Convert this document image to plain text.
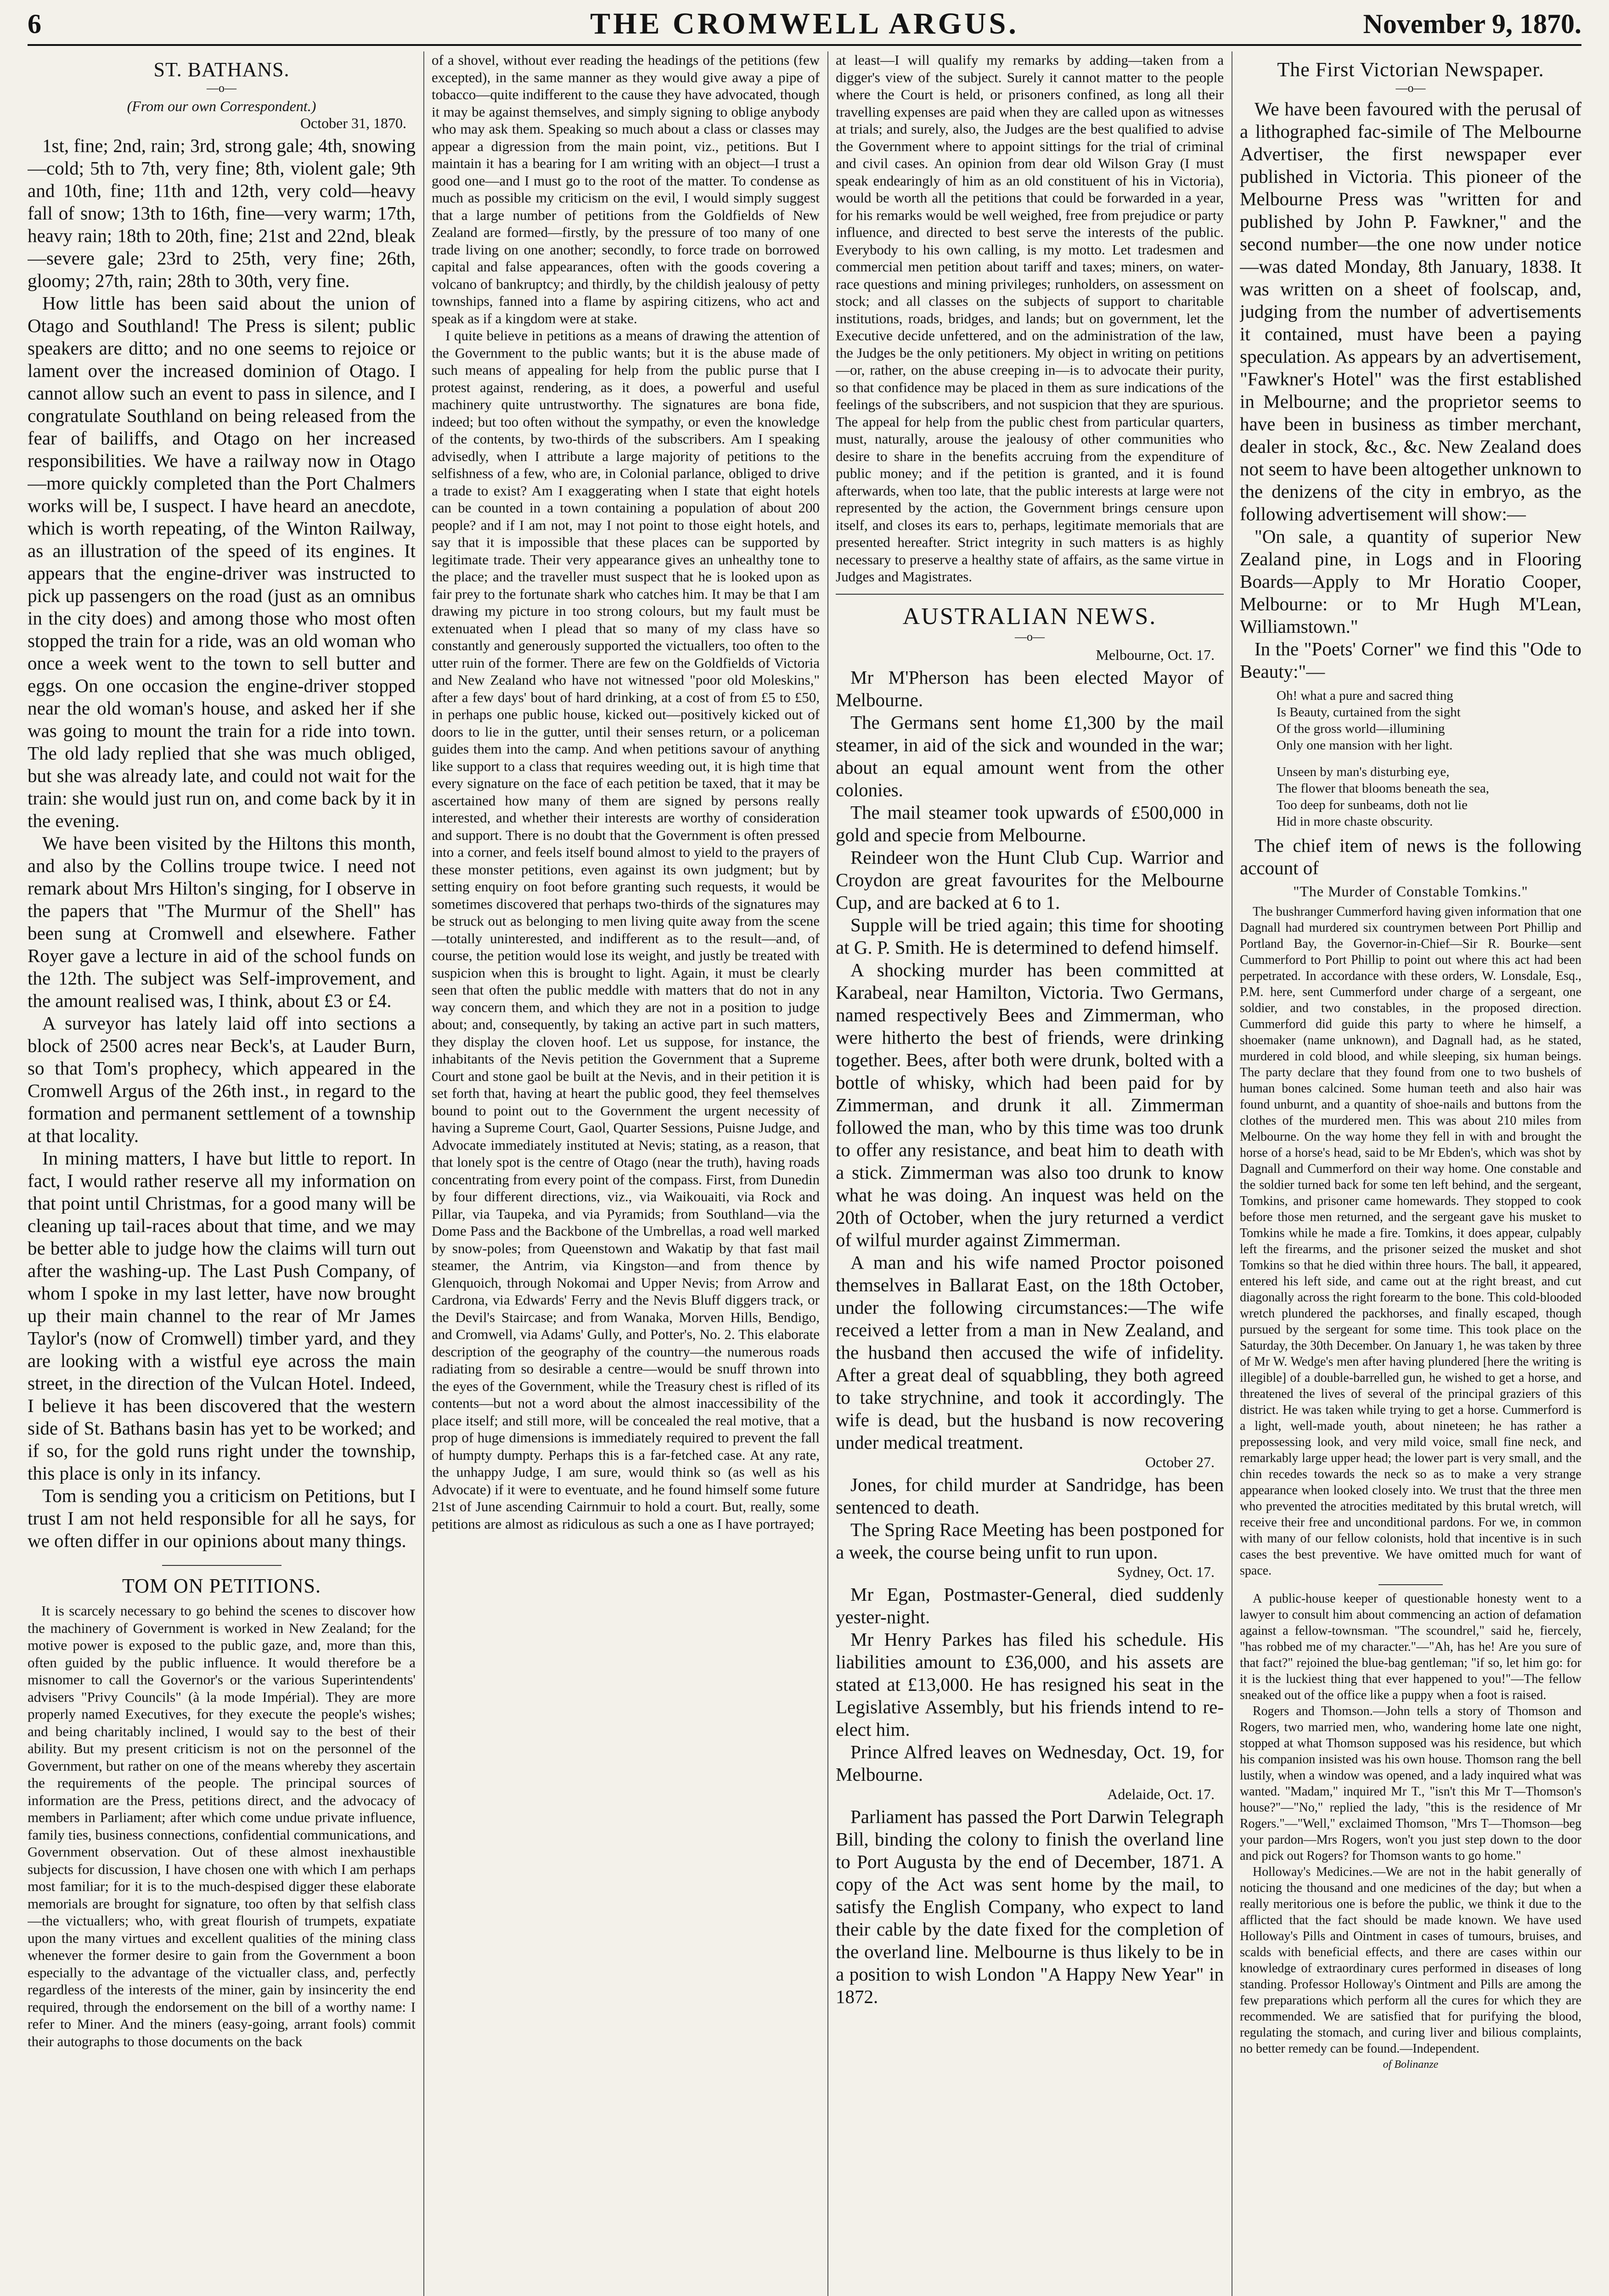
6	THE CROMWELL ARGUS.	November 9, 1870.
ST. BATHANS.
—o—
(From our own Correspondent.)
October 31, 1870.

1st, fine; 2nd, rain; 3rd, strong gale; 4th, snowing—cold; 5th to 7th, very fine; 8th, violent gale; 9th and 10th, fine; 11th and 12th, very cold—heavy fall of snow; 13th to 16th, fine—very warm; 17th, heavy rain; 18th to 20th, fine; 21st and 22nd, bleak—severe gale; 23rd to 25th, very fine; 26th, gloomy; 27th, rain; 28th to 30th, very fine.

How little has been said about the union of Otago and Southland! The Press is silent; public speakers are ditto; and no one seems to rejoice or lament over the increased dominion of Otago. I cannot allow such an event to pass in silence, and I congratulate Southland on being released from the fear of bailiffs, and Otago on her increased responsibilities. We have a railway now in Otago—more quickly completed than the Port Chalmers works will be, I suspect. I have heard an anecdote, which is worth repeating, of the Winton Railway, as an illustration of the speed of its engines. It appears that the engine-driver was instructed to pick up passengers on the road (just as an omnibus in the city does) and among those who most often stopped the train for a ride, was an old woman who once a week went to the town to sell butter and eggs. On one occasion the engine-driver stopped near the old woman's house, and asked her if she was going to mount the train for a ride into town. The old lady replied that she was much obliged, but she was already late, and could not wait for the train: she would just run on, and come back by it in the evening.

We have been visited by the Hiltons this month, and also by the Collins troupe twice. I need not remark about Mrs Hilton's singing, for I observe in the papers that "The Murmur of the Shell" has been sung at Cromwell and elsewhere. Father Royer gave a lecture in aid of the school funds on the 12th. The subject was Self-improvement, and the amount realised was, I think, about £3 or £4.

A surveyor has lately laid off into sections a block of 2500 acres near Beck's, at Lauder Burn, so that Tom's prophecy, which appeared in the Cromwell Argus of the 26th inst., in regard to the formation and permanent settlement of a township at that locality.

In mining matters, I have but little to report. In fact, I would rather reserve all my information on that point until Christmas, for a good many will be cleaning up tail-races about that time, and we may be better able to judge how the claims will turn out after the washing-up. The Last Push Company, of whom I spoke in my last letter, have now brought up their main channel to the rear of Mr James Taylor's (now of Cromwell) timber yard, and they are looking with a wistful eye across the main street, in the direction of the Vulcan Hotel. Indeed, I believe it has been discovered that the western side of St. Bathans basin has yet to be worked; and if so, for the gold runs right under the township, this place is only in its infancy.

Tom is sending you a criticism on Petitions, but I trust I am not held responsible for all he says, for we often differ in our opinions about many things.

TOM ON PETITIONS.

It is scarcely necessary to go behind the scenes to discover how the machinery of Government is worked in New Zealand; for the motive power is exposed to the public gaze, and, more than this, often guided by the public influence. It would therefore be a misnomer to call the Governor's or the various Superintendents' advisers "Privy Councils" (à la mode Impérial). They are more properly named Executives, for they execute the people's wishes; and being charitably inclined, I would say to the best of their ability. But my present criticism is not on the personnel of the Government, but rather on one of the means whereby they ascertain the requirements of the people. The principal sources of information are the Press, petitions direct, and the advocacy of members in Parliament; after which come undue private influence, family ties, business connections, confidential communications, and Government observation. Out of these almost inexhaustible subjects for discussion, I have chosen one with which I am perhaps most familiar; for it is to the much-despised digger these elaborate memorials are brought for signature, too often by that selfish class—the victuallers; who, with great flourish of trumpets, expatiate upon the many virtues and excellent qualities of the mining class whenever the former desire to gain from the Government a boon especially to the advantage of the victualler class, and, perfectly regardless of the interests of the miner, gain by insincerity the end required, through the endorsement on the bill of a worthy name: I refer to Miner. And the miners (easy-going, arrant fools) commit their autographs to those documents on the back

of a shovel, without ever reading the headings of the petitions (few excepted), in the same manner as they would give away a pipe of tobacco—quite indifferent to the cause they have advocated, though it may be against themselves, and simply signing to oblige anybody who may ask them. Speaking so much about a class or classes may appear a digression from the main point, viz., petitions. But I maintain it has a bearing for I am writing with an object—I trust a good one—and I must go to the root of the matter. To condense as much as possible my criticism on the evil, I would simply suggest that a large number of petitions from the Goldfields of New Zealand are formed—firstly, by the pressure of too many of one trade living on one another; secondly, to force trade on borrowed capital and false appearances, often with the goods covering a volcano of bankruptcy; and thirdly, by the childish jealousy of petty townships, fanned into a flame by aspiring citizens, who act and speak as if a kingdom were at stake.

I quite believe in petitions as a means of drawing the attention of the Government to the public wants; but it is the abuse made of such means of appealing for help from the public purse that I protest against, rendering, as it does, a powerful and useful machinery quite untrustworthy. The signatures are bona fide, indeed; but too often without the sympathy, or even the knowledge of the contents, by two-thirds of the subscribers. Am I speaking advisedly, when I attribute a large majority of petitions to the selfishness of a few, who are, in Colonial parlance, obliged to drive a trade to exist? Am I exaggerating when I state that eight hotels can be counted in a town containing a population of about 200 people? and if I am not, may I not point to those eight hotels, and say that it is impossible that these places can be supported by legitimate trade. Their very appearance gives an unhealthy tone to the place; and the traveller must suspect that he is looked upon as fair prey to the fortunate shark who catches him. It may be that I am drawing my picture in too strong colours, but my fault must be extenuated when I plead that so many of my class have so constantly and generously supported the victuallers, too often to the utter ruin of the former. There are few on the Goldfields of Victoria and New Zealand who have not witnessed "poor old Moleskins," after a few days' bout of hard drinking, at a cost of from £5 to £50, in perhaps one public house, kicked out—positively kicked out of doors to lie in the gutter, until their senses return, or a policeman guides them into the camp. And when petitions savour of anything like support to a class that requires weeding out, it is high time that every signature on the face of each petition be taxed, that it may be ascertained how many of them are signed by persons really interested, and whether their interests are worthy of consideration and support. There is no doubt that the Government is often pressed into a corner, and feels itself bound almost to yield to the prayers of these monster petitions, even against its own judgment; but by setting enquiry on foot before granting such requests, it would be sometimes discovered that perhaps two-thirds of the signatures may be struck out as belonging to men living quite away from the scene—totally uninterested, and indifferent as to the result—and, of course, the petition would lose its weight, and justly be treated with suspicion when this is brought to light. Again, it must be clearly seen that often the public meddle with matters that do not in any way concern them, and which they are not in a position to judge about; and, consequently, by taking an active part in such matters, they display the cloven hoof. Let us suppose, for instance, the inhabitants of the Nevis petition the Government that a Supreme Court and stone gaol be built at the Nevis, and in their petition it is set forth that, having at heart the public good, they feel themselves bound to point out to the Government the urgent necessity of having a Supreme Court, Gaol, Quarter Sessions, Puisne Judge, and Advocate immediately instituted at Nevis; stating, as a reason, that that lonely spot is the centre of Otago (near the truth), having roads concentrating from every point of the compass. First, from Dunedin by four different directions, viz., via Waikouaiti, via Rock and Pillar, via Taupeka, and via Pyramids; from Southland—via the Dome Pass and the Backbone of the Umbrellas, a road well marked by snow-poles; from Queenstown and Wakatip by that fast mail steamer, the Antrim, via Kingston—and from thence by Glenquoich, through Nokomai and Upper Nevis; from Arrow and Cardrona, via Edwards' Ferry and the Nevis Bluff diggers track, or the Devil's Staircase; and from Wanaka, Morven Hills, Bendigo, and Cromwell, via Adams' Gully, and Potter's, No. 2. This elaborate description of the geography of the country—the numerous roads radiating from so desirable a centre—would be snuff thrown into the eyes of the Government, while the Treasury chest is rifled of its contents—but not a word about the almost inaccessibility of the place itself; and still more, will be concealed the real motive, that a prop of huge dimensions is immediately required to prevent the fall of humpty dumpty. Perhaps this is a far-fetched case. At any rate, the unhappy Judge, I am sure, would think so (as well as his Advocate) if it were to eventuate, and he found himself some future 21st of June ascending Cairnmuir to hold a court. But, really, some petitions are almost as ridiculous as such a one as I have portrayed;

at least—I will qualify my remarks by adding—taken from a digger's view of the subject. Surely it cannot matter to the people where the Court is held, or prisoners confined, as long all their travelling expenses are paid when they are called upon as witnesses at trials; and surely, also, the Judges are the best qualified to advise the Government where to appoint sittings for the trial of criminal and civil cases. An opinion from dear old Wilson Gray (I must speak endearingly of him as an old constituent of his in Victoria), would be worth all the petitions that could be forwarded in a year, for his remarks would be well weighed, free from prejudice or party influence, and directed to best serve the interests of the public. Everybody to his own calling, is my motto. Let tradesmen and commercial men petition about tariff and taxes; miners, on water-race questions and mining privileges; runholders, on assessment on stock; and all classes on the subjects of support to charitable institutions, roads, bridges, and lands; but on government, let the Executive decide unfettered, and on the administration of the law, the Judges be the only petitioners. My object in writing on petitions—or, rather, on the abuse creeping in—is to advocate their purity, so that confidence may be placed in them as sure indications of the feelings of the subscribers, and not suspicion that they are spurious. The appeal for help from the public chest from particular quarters, must, naturally, arouse the jealousy of other communities who desire to share in the benefits accruing from the expenditure of public money; and if the petition is granted, and it is found afterwards, when too late, that the public interests at large were not represented by the action, the Government brings censure upon itself, and closes its ears to, perhaps, legitimate memorials that are presented hereafter. Strict integrity in such matters is as highly necessary to preserve a healthy state of affairs, as the same virtue in Judges and Magistrates.

AUSTRALIAN NEWS.
—o—
Melbourne, Oct. 17.

Mr M'Pherson has been elected Mayor of Melbourne.

The Germans sent home £1,300 by the mail steamer, in aid of the sick and wounded in the war; about an equal amount went from the other colonies.

The mail steamer took upwards of £500,000 in gold and specie from Melbourne.

Reindeer won the Hunt Club Cup. Warrior and Croydon are great favourites for the Melbourne Cup, and are backed at 6 to 1.

Supple will be tried again; this time for shooting at G. P. Smith. He is determined to defend himself.

A shocking murder has been committed at Karabeal, near Hamilton, Victoria. Two Germans, named respectively Bees and Zimmerman, who were hitherto the best of friends, were drinking together. Bees, after both were drunk, bolted with a bottle of whisky, which had been paid for by Zimmerman, and drunk it all. Zimmerman followed the man, who by this time was too drunk to offer any resistance, and beat him to death with a stick. Zimmerman was also too drunk to know what he was doing. An inquest was held on the 20th of October, when the jury returned a verdict of wilful murder against Zimmerman.

A man and his wife named Proctor poisoned themselves in Ballarat East, on the 18th October, under the following circumstances:—The wife received a letter from a man in New Zealand, and the husband then accused the wife of infidelity. After a great deal of squabbling, they both agreed to take strychnine, and took it accordingly. The wife is dead, but the husband is now recovering under medical treatment.

October 27.

Jones, for child murder at Sandridge, has been sentenced to death.

The Spring Race Meeting has been postponed for a week, the course being unfit to run upon.

Sydney, Oct. 17.

Mr Egan, Postmaster-General, died suddenly yester-night.

Mr Henry Parkes has filed his schedule. His liabilities amount to £36,000, and his assets are stated at £13,000. He has resigned his seat in the Legislative Assembly, but his friends intend to re-elect him.

Prince Alfred leaves on Wednesday, Oct. 19, for Melbourne.

Adelaide, Oct. 17.

Parliament has passed the Port Darwin Telegraph Bill, binding the colony to finish the overland line to Port Augusta by the end of December, 1871. A copy of the Act was sent home by the mail, to satisfy the English Company, who expect to land their cable by the date fixed for the completion of the overland line. Melbourne is thus likely to be in a position to wish London "A Happy New Year" in 1872.

The First Victorian Newspaper.
—o—

We have been favoured with the perusal of a lithographed fac-simile of The Melbourne Advertiser, the first newspaper ever published in Victoria. This pioneer of the Melbourne Press was "written for and published by John P. Fawkner," and the second number—the one now under notice—was dated Monday, 8th January, 1838. It was written on a sheet of foolscap, and, judging from the number of advertisements it contained, must have been a paying speculation. As appears by an advertisement, "Fawkner's Hotel" was the first established in Melbourne; and the proprietor seems to have been in business as timber merchant, dealer in stock, &c., &c. New Zealand does not seem to have been altogether unknown to the denizens of the city in embryo, as the following advertisement will show:—

"On sale, a quantity of superior New Zealand pine, in Logs and in Flooring Boards—Apply to Mr Horatio Cooper, Melbourne: or to Mr Hugh M'Lean, Williamstown."

In the "Poets' Corner" we find this "Ode to Beauty:"—

Oh! what a pure and sacred thing
Is Beauty, curtained from the sight
Of the gross world—illumining
Only one mansion with her light.
Unseen by man's disturbing eye,
The flower that blooms beneath the sea,
Too deep for sunbeams, doth not lie
Hid in more chaste obscurity.

The chief item of news is the following account of

"The Murder of Constable Tomkins."

The bushranger Cummerford having given information that one Dagnall had murdered six countrymen between Port Phillip and Portland Bay, the Governor-in-Chief—Sir R. Bourke—sent Cummerford to Port Phillip to point out where this act had been perpetrated. In accordance with these orders, W. Lonsdale, Esq., P.M. here, sent Cummerford under charge of a sergeant, one soldier, and two constables, in the proposed direction. Cummerford did guide this party to where he himself, a shoemaker (name unknown), and Dagnall had, as he stated, murdered in cold blood, and while sleeping, six human beings. The party declare that they found from one to two bushels of human bones calcined. Some human teeth and also hair was found unburnt, and a quantity of shoe-nails and buttons from the clothes of the murdered men. This was about 210 miles from Melbourne. On the way home they fell in with and brought the horse of a horse's head, said to be Mr Ebden's, which was shot by Dagnall and Cummerford on their way home. One constable and the soldier turned back for some ten left behind, and the sergeant, Tomkins, and prisoner came homewards. They stopped to cook before those men returned, and the sergeant gave his musket to Tomkins while he made a fire. Tomkins, it does appear, culpably left the firearms, and the prisoner seized the musket and shot Tomkins so that he died within three hours. The ball, it appeared, entered his left side, and came out at the right breast, and cut diagonally across the right forearm to the bone. This cold-blooded wretch plundered the packhorses, and finally escaped, though pursued by the sergeant for some time. This took place on the Saturday, the 30th December. On January 1, he was taken by three of Mr W. Wedge's men after having plundered [here the writing is illegible] of a double-barrelled gun, he wished to get a horse, and threatened the lives of several of the principal graziers of this district. He was taken while trying to get a horse. Cummerford is a light, well-made youth, about nineteen; he has rather a prepossessing look, and very mild voice, small fine neck, and remarkably large upper head; the lower part is very small, and the chin recedes towards the neck so as to make a very strange appearance when looked closely into. We trust that the three men who prevented the atrocities meditated by this brutal wretch, will receive their free and unconditional pardons. For we, in common with many of our fellow colonists, hold that incentive is in such cases the best preventive. We have omitted much for want of space.

A public-house keeper of questionable honesty went to a lawyer to consult him about commencing an action of defamation against a fellow-townsman. "The scoundrel," said he, fiercely, "has robbed me of my character."—"Ah, has he! Are you sure of that fact?" rejoined the blue-bag gentleman; "if so, let him go: for it is the luckiest thing that ever happened to you!"—The fellow sneaked out of the office like a puppy when a foot is raised.

Rogers and Thomson.—John tells a story of Thomson and Rogers, two married men, who, wandering home late one night, stopped at what Thomson supposed was his residence, but which his companion insisted was his own house. Thomson rang the bell lustily, when a window was opened, and a lady inquired what was wanted. "Madam," inquired Mr T., "isn't this Mr T—Thomson's house?"—"No," replied the lady, "this is the residence of Mr Rogers."—"Well," exclaimed Thomson, "Mrs T—Thomson—beg your pardon—Mrs Rogers, won't you just step down to the door and pick out Rogers? for Thomson wants to go home."

Holloway's Medicines.—We are not in the habit generally of noticing the thousand and one medicines of the day; but when a really meritorious one is before the public, we think it due to the afflicted that the fact should be made known. We have used Holloway's Pills and Ointment in cases of tumours, bruises, and scalds with beneficial effects, and there are cases within our knowledge of extraordinary cures performed in diseases of long standing. Professor Holloway's Ointment and Pills are among the few preparations which perform all the cures for which they are recommended. We are satisfied that for purifying the blood, regulating the stomach, and curing liver and bilious complaints, no better remedy can be found.—Independent.

of Bolinanze
